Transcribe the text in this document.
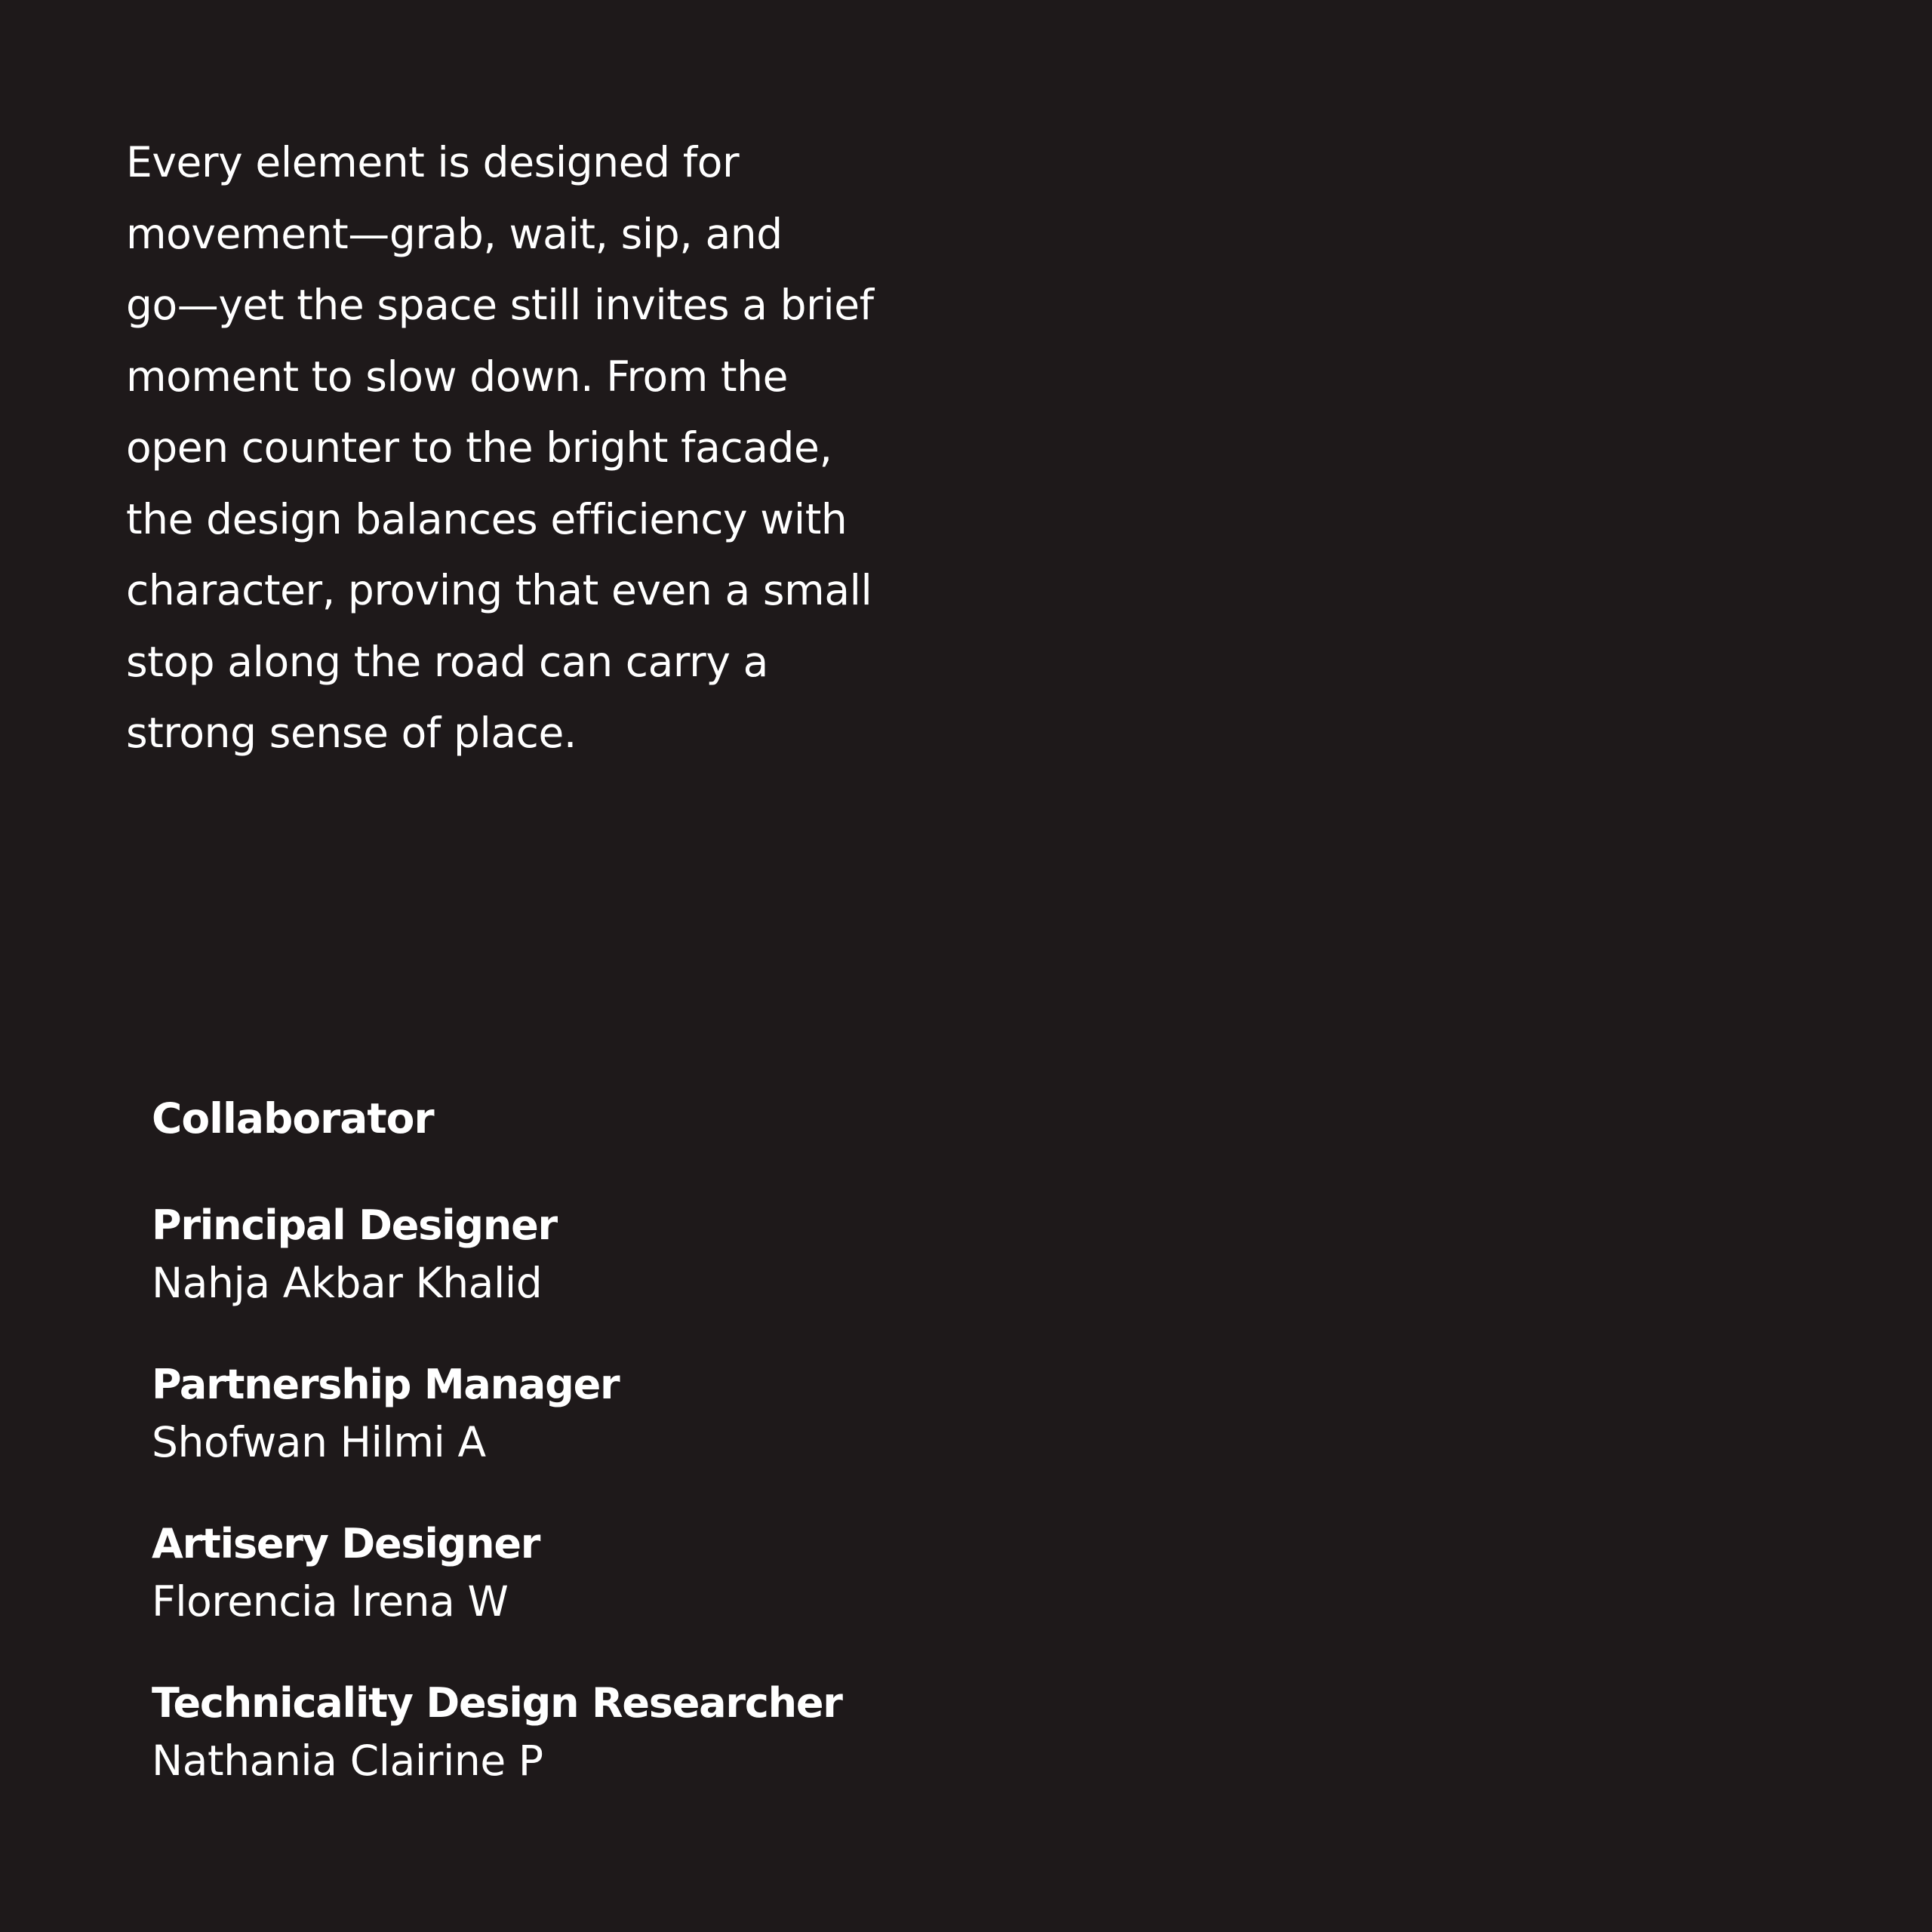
Every element is designed for
movement—grab, wait, sip, and
go—yet the space still invites a brief
moment to slow down. From the
open counter to the bright facade,
the design balances efficiency with
character, proving that even a small
stop along the road can carry a
strong sense of place.

Collaborator
Principal Designer
Nahja Akbar Khalid
Partnership Manager
Shofwan Hilmi A
Artisery Designer
Florencia Irena W
Technicality Design Researcher
Nathania Clairine P
